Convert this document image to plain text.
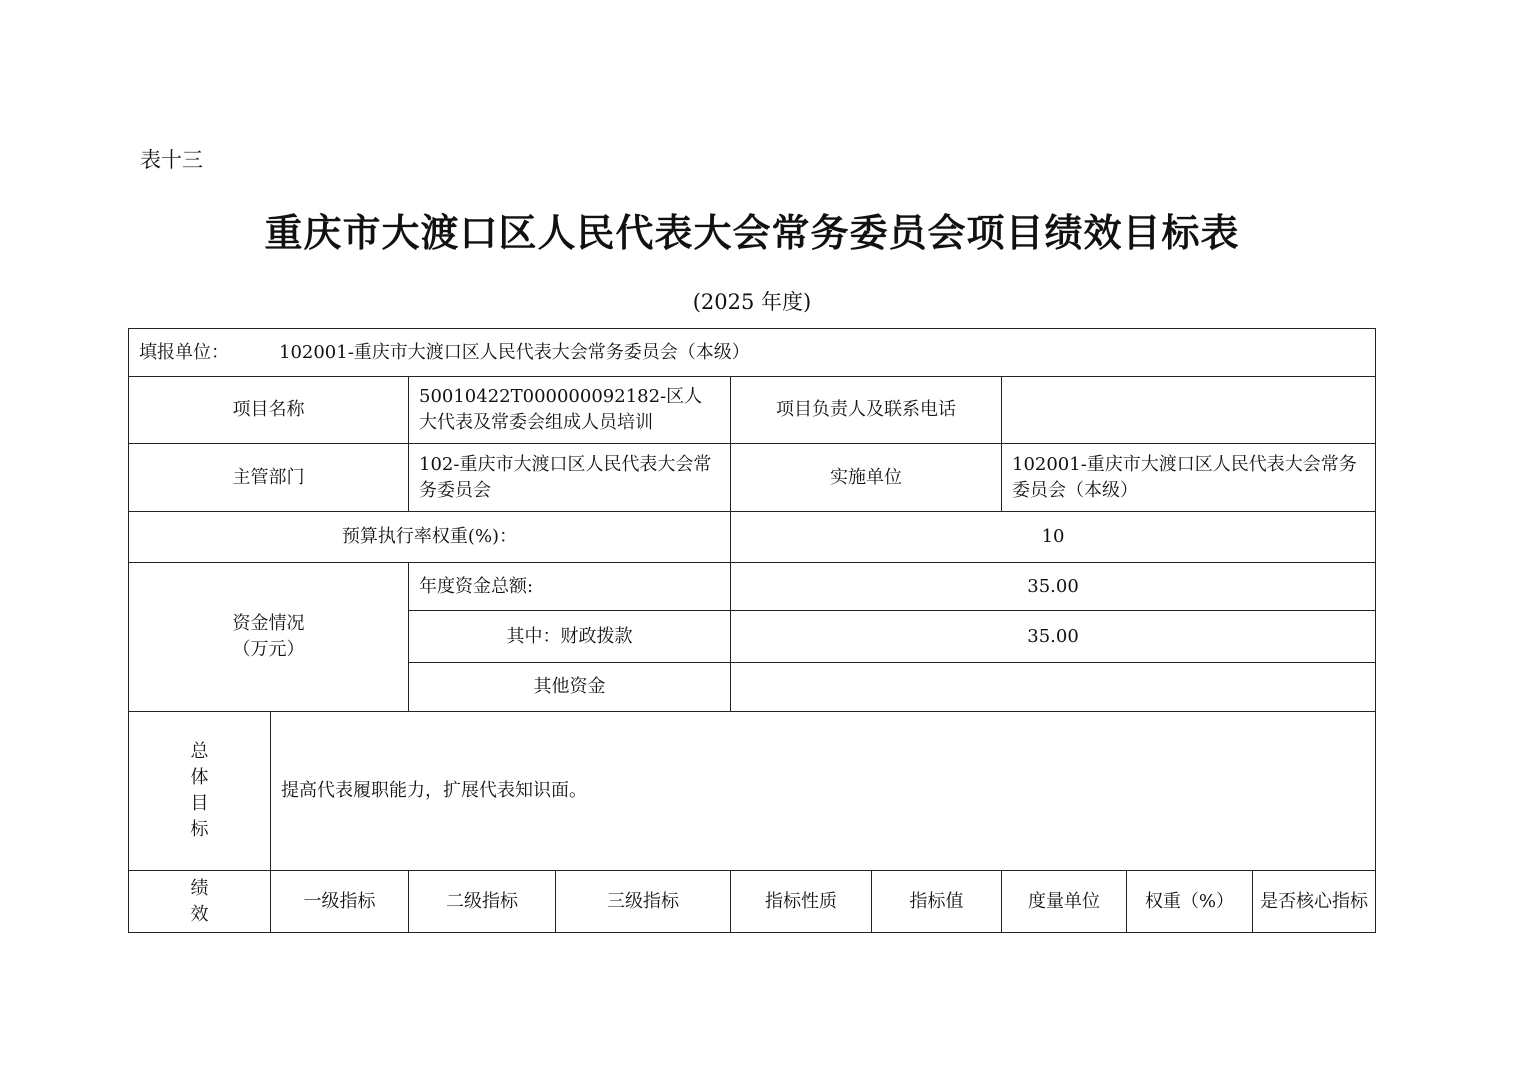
表十三
重庆市大渡口区人民代表大会常务委员会项目绩效目标表
(2025 年度)
填报单位： 102001-重庆市大渡口区人民代表大会常务委员会（本级）								
项目名称		50010422T000000092182-区人大代表及常委会组成人员培训		项目负责人及联系电话				
主管部门		102-重庆市大渡口区人民代表大会常务委员会		实施单位		102001-重庆市大渡口区人民代表大会常务委员会（本级）		
预算执行率权重(%)：				10				

资金情况
（万元）		年度资金总额:		35.00				
		其中：财政拨款		35.00				
		其他资金						

总
体
目
标	提高代表履职能力，扩展代表知识面。							

绩
效	一级指标	二级指标	三级指标	指标性质	指标值	度量单位	权重（%）	是否核心指标
